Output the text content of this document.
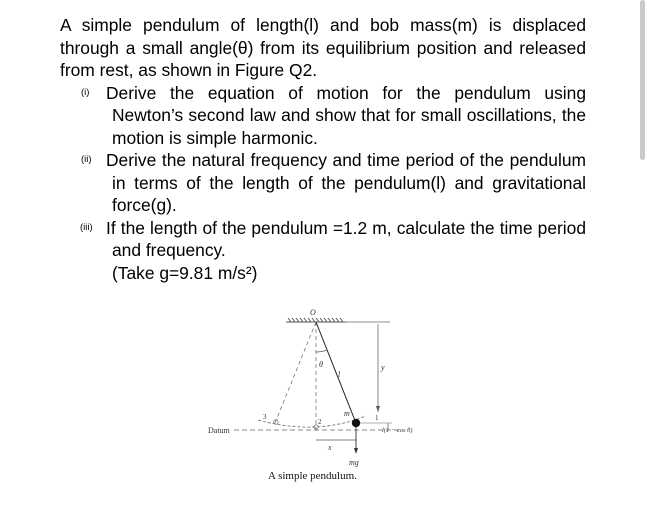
A simple pendulum of length(l) and bob mass(m) is displaced through a small angle(θ) from its equilibrium position and released from rest, as shown in Figure Q2.
(i) Derive the equation of motion for the pendulum using Newton’s second law and show that for small oscillations, the motion is simple harmonic.
(ii) Derive the natural frequency and time period of the pendulum in terms of the length of the pendulum(l) and gravitational force(g).
(iii) If the length of the pendulum =1.2 m, calculate the time period and frequency.
(Take g=9.81 m/s²)
O
θ
l
y
m
x
mg
Datum	l(1 − cos θ)
1
2
3
A simple pendulum.
